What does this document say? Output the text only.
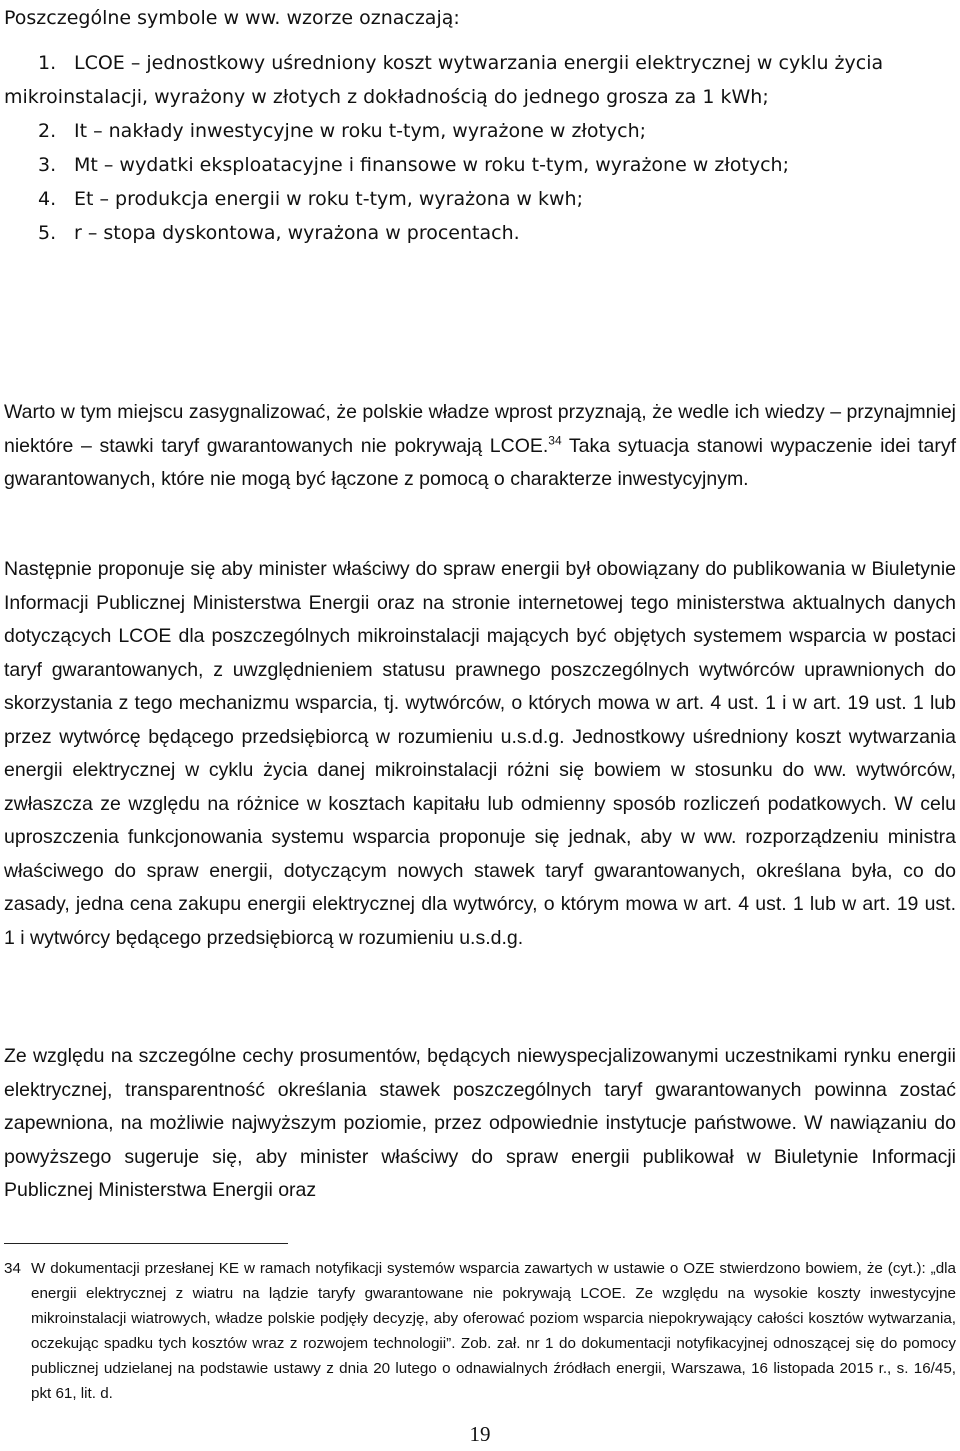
Poszczególne symbole w ww. wzorze oznaczają:
1. LCOE – jednostkowy uśredniony koszt wytwarzania energii elektrycznej w cyklu życia
mikroinstalacji, wyrażony w złotych z dokładnością do jednego grosza za 1 kWh;
2. It – nakłady inwestycyjne w roku t-tym, wyrażone w złotych;
3. Mt – wydatki eksploatacyjne i finansowe w roku t-tym, wyrażone w złotych;
4. Et – produkcja energii w roku t-tym, wyrażona w kwh;
5. r – stopa dyskontowa, wyrażona w procentach.

Warto w tym miejscu zasygnalizować, że polskie władze wprost przyznają, że wedle ich wiedzy – przynajmniej niektóre – stawki taryf gwarantowanych nie pokrywają LCOE.$^{34}$ Taka sytuacja stanowi wypaczenie idei taryf gwarantowanych, które nie mogą być łączone z pomocą o charakterze inwestycyjnym.

Następnie proponuje się aby minister właściwy do spraw energii był obowiązany do publikowania w Biuletynie Informacji Publicznej Ministerstwa Energii oraz na stronie internetowej tego ministerstwa aktualnych danych dotyczących LCOE dla poszczególnych mikroinstalacji mających być objętych systemem wsparcia w postaci taryf gwarantowanych, z uwzględnieniem statusu prawnego poszczególnych wytwórców uprawnionych do skorzystania z tego mechanizmu wsparcia, tj. wytwórców, o których mowa w art. 4 ust. 1 i w art. 19 ust. 1 lub przez wytwórcę będącego przedsiębiorcą w rozumieniu u.s.d.g. Jednostkowy uśredniony koszt wytwarzania energii elektrycznej w cyklu życia danej mikroinstalacji różni się bowiem w stosunku do ww. wytwórców, zwłaszcza ze względu na różnice w kosztach kapitału lub odmienny sposób rozliczeń podatkowych. W celu uproszczenia funkcjonowania systemu wsparcia proponuje się jednak, aby w ww. rozporządzeniu ministra właściwego do spraw energii, dotyczącym nowych stawek taryf gwarantowanych, określana była, co do zasady, jedna cena zakupu energii elektrycznej dla wytwórcy, o którym mowa w art. 4 ust. 1 lub w art. 19 ust. 1 i wytwórcy będącego przedsiębiorcą w rozumieniu u.s.d.g.

Ze względu na szczególne cechy prosumentów, będących niewyspecjalizowanymi uczestnikami rynku energii elektrycznej, transparentność określania stawek poszczególnych taryf gwarantowanych powinna zostać zapewniona, na możliwie najwyższym poziomie, przez odpowiednie instytucje państwowe. W nawiązaniu do powyższego sugeruje się, aby minister właściwy do spraw energii publikował w Biuletynie Informacji Publicznej Ministerstwa Energii oraz

34 W dokumentacji przesłanej KE w ramach notyfikacji systemów wsparcia zawartych w ustawie o OZE stwierdzono bowiem, że (cyt.): „dla energii elektrycznej z wiatru na lądzie taryfy gwarantowane nie pokrywają LCOE. Ze względu na wysokie koszty inwestycyjne mikroinstalacji wiatrowych, władze polskie podjęły decyzję, aby oferować poziom wsparcia niepokrywający całości kosztów wytwarzania, oczekując spadku tych kosztów wraz z rozwojem technologii”. Zob. zał. nr 1 do dokumentacji notyfikacyjnej odnoszącej się do pomocy publicznej udzielanej na podstawie ustawy z dnia 20 lutego o odnawialnych źródłach energii, Warszawa, 16 listopada 2015 r., s. 16/45, pkt 61, lit. d.
19
